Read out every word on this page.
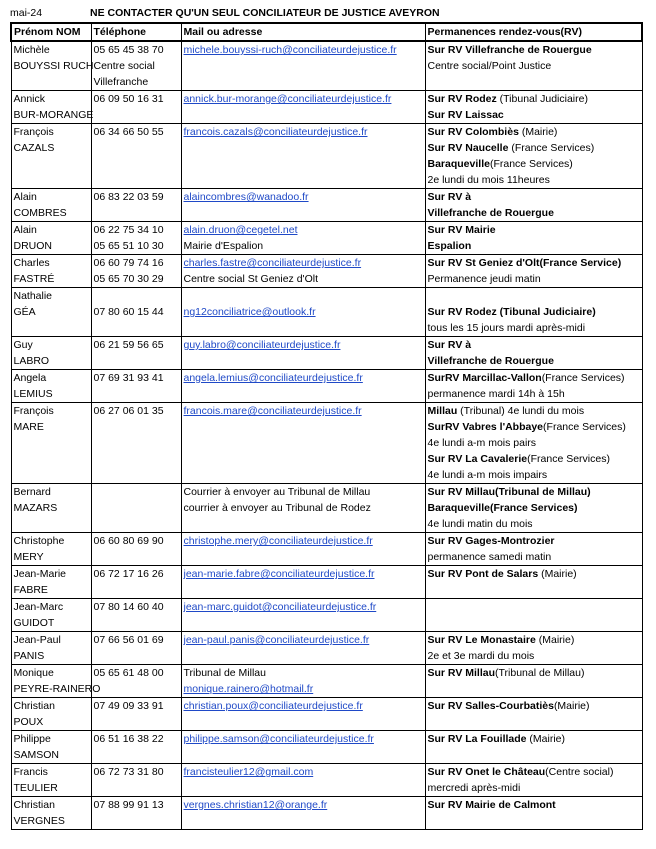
mai-24	NE CONTACTER QU'UN SEUL CONCILIATEUR DE JUSTICE AVEYRON
Prénom NOM	Téléphone	Mail ou adresse	Permanences rendez-vous(RV)

Michèle
BOUYSSI RUCH	05 65 45 38 70
Centre social
Villefranche	michele.bouyssi-ruch@conciliateurdejustice.fr	Sur RV Villefranche de Rouergue
Centre social/Point Justice

Annick
BUR-MORANGE	06 09 50 16 31	annick.bur-morange@conciliateurdejustice.fr	Sur RV Rodez (Tibunal Judiciaire)
Sur RV Laissac

François
CAZALS	06 34 66 50 55	francois.cazals@conciliateurdejustice.fr	Sur RV Colombiès (Mairie)
Sur RV Naucelle (France Services)
Baraqueville(France Services)
2e lundi du mois 11heures

Alain
COMBRES	06 83 22 03 59	alaincombres@wanadoo.fr	Sur RV à
Villefranche de Rouergue

Alain
DRUON	06 22 75 34 10
05 65 51 10 30	alain.druon@cegetel.net
Mairie d'Espalion	Sur RV Mairie
Espalion

Charles
FASTRÉ	06 60 79 74 16
05 65 70 30 29	charles.fastre@conciliateurdejustice.fr
Centre social St Geniez d'Olt	Sur RV St Geniez d'Olt(France Service)
Permanence jeudi matin

Nathalie
GÉA	07 80 60 15 44	ng12conciliatrice@outlook.fr	Sur RV Rodez (Tibunal Judiciaire)
tous les 15 jours mardi après-midi

Guy
LABRO	06 21 59 56 65	guy.labro@conciliateurdejustice.fr	Sur RV à
Villefranche de Rouergue

Angela
LEMIUS	07 69 31 93 41	angela.lemius@conciliateurdejustice.fr	SurRV Marcillac-Vallon(France Services)
permanence mardi 14h à 15h

François
MARE	06 27 06 01 35	francois.mare@conciliateurdejustice.fr	Millau (Tribunal) 4e lundi du mois
SurRV Vabres l'Abbaye(France Services)
4e lundi a-m mois pairs
Sur RV La Cavalerie(France Services)
4e lundi a-m mois impairs

Bernard
MAZARS		Courrier à envoyer au Tribunal de Millau
courrier à envoyer au Tribunal de Rodez	Sur RV Millau(Tribunal de Millau)
Baraqueville(France Services)
4e lundi matin du mois

Christophe
MERY	06 60 80 69 90	christophe.mery@conciliateurdejustice.fr	Sur RV Gages-Montrozier
permanence samedi matin

Jean-Marie
FABRE	06 72 17 16 26	jean-marie.fabre@conciliateurdejustice.fr	Sur RV Pont de Salars (Mairie)

Jean-Marc
GUIDOT	07 80 14 60 40	jean-marc.guidot@conciliateurdejustice.fr	

Jean-Paul
PANIS	07 66 56 01 69	jean-paul.panis@conciliateurdejustice.fr	Sur RV Le Monastaire (Mairie)
2e et 3e mardi du mois

Monique
PEYRE-RAINERO	05 65 61 48 00	Tribunal de Millau
monique.rainero@hotmail.fr	Sur RV Millau(Tribunal de Millau)

Christian
POUX	07 49 09 33 91	christian.poux@conciliateurdejustice.fr	Sur RV Salles-Courbatiès(Mairie)

Philippe
SAMSON	06 51 16 38 22	philippe.samson@conciliateurdejustice.fr	Sur RV La Fouillade (Mairie)

Francis
TEULIER	06 72 73 31 80	francisteulier12@gmail.com	Sur RV Onet le Château(Centre social)
mercredi après-midi

Christian
VERGNES	07 88 99 91 13	vergnes.christian12@orange.fr	Sur RV Mairie de Calmont
